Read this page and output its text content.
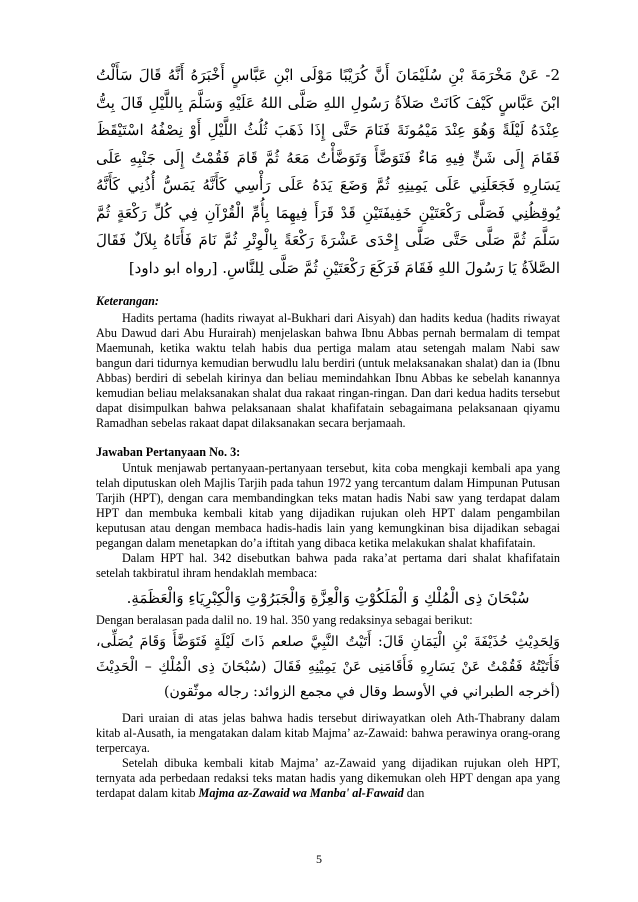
2- عَنْ مَخْرَمَةَ بْنِ سُلَيْمَانَ أَنَّ كُرَيْبًا مَوْلَى ابْنِ عَبَّاسٍ أَخْبَرَهُ أَنَّهُ قَالَ سَأَلْتُ ابْنَ عَبَّاسٍ كَيْفَ كَانَتْ صَلاَةُ رَسُولِ اللهِ صَلَّى اللهُ عَلَيْهِ وَسَلَّمَ بِاللَّيْلِ قَالَ بِتُّ عِنْدَهُ لَيْلَةً وَهُوَ عِنْدَ مَيْمُونَةَ فَنَامَ حَتَّى إِذَا ذَهَبَ ثُلُثُ اللَّيْلِ أَوْ نِصْفُهُ اسْتَيْقَظَ فَقَامَ إِلَى شَنٍّ فِيهِ مَاءٌ فَتَوَضَّأَ وَتَوَضَّأْتُ مَعَهُ ثُمَّ قَامَ فَقُمْتُ إِلَى جَنْبِهِ عَلَى يَسَارِهِ فَجَعَلَنِي عَلَى يَمِينِهِ ثُمَّ وَضَعَ يَدَهُ عَلَى رَأْسِي كَأَنَّهُ يَمَسُّ أُذُنِي كَأَنَّهُ يُوقِظُنِي فَصَلَّى رَكْعَتَيْنِ خَفِيفَتَيْنِ قَدْ قَرَأَ فِيهِمَا بِأُمِّ الْقُرْآنِ فِي كُلِّ رَكْعَةٍ ثُمَّ سَلَّمَ ثُمَّ صَلَّى حَتَّى صَلَّى إِحْدَى عَشْرَةَ رَكْعَةً بِالْوِتْرِ ثُمَّ نَامَ فَأَتَاهُ بِلاَلٌ فَقَالَ الصَّلاَةُ يَا رَسُولَ اللهِ فَقَامَ فَرَكَعَ رَكْعَتَيْنِ ثُمَّ صَلَّى لِلنَّاسِ. [رواه ابو داود]

Keterangan:

Hadits pertama (hadits riwayat al-Bukhari dari Aisyah) dan hadits kedua (hadits riwayat Abu Dawud dari Abu Hurairah) menjelaskan bahwa Ibnu Abbas pernah bermalam di tempat Maemunah, ketika waktu telah habis dua pertiga malam atau setengah malam Nabi saw bangun dari tidurnya kemudian berwudlu lalu berdiri (untuk melaksanakan shalat) dan ia (Ibnu Abbas) berdiri di sebelah kirinya dan beliau memindahkan Ibnu Abbas ke sebelah kanannya kemudian beliau melaksanakan shalat dua rakaat ringan-ringan. Dan dari kedua hadits tersebut dapat disimpulkan bahwa pelaksanaan shalat khafifatain sebagaimana pelaksanaan qiyamu Ramadhan sebelas rakaat dapat dilaksanakan secara berjamaah.

Jawaban Pertanyaan No. 3:

Untuk menjawab pertanyaan-pertanyaan tersebut, kita coba mengkaji kembali apa yang telah diputuskan oleh Majlis Tarjih pada tahun 1972 yang tercantum dalam Himpunan Putusan Tarjih (HPT), dengan cara membandingkan teks matan hadis Nabi saw yang terdapat dalam HPT dan membuka kembali kitab yang dijadikan rujukan oleh HPT dalam pengambilan keputusan atau dengan membaca hadis-hadis lain yang kemungkinan bisa dijadikan sebagai pegangan dalam menetapkan do’a iftitah yang dibaca ketika melakukan shalat khafifatain.

Dalam HPT hal. 342 disebutkan bahwa pada raka’at pertama dari shalat khafifatain setelah takbiratul ihram hendaklah membaca:

سُبْحَانَ ذِى الْمُلْكِ وَ الْمَلَكُوْتِ وَالْعِزَّةِ وَالْجَبَرُوْتِ وَالْكِبْرِيَاءِ وَالْعَظَمَةِ.

Dengan beralasan pada dalil no. 19 hal. 350 yang redaksinya sebagai berikut:

وَلِحَدِيْثِ حُذَيْفَةَ بْنِ الْيَمَانِ قَالَ: أَتَيْتُ النَّبِيَّ صلعم ذَاتَ لَيْلَةٍ فَتَوَضَّأَ وَقَامَ يُصَلِّى، فَأَتَيْتُهُ فَقُمْتُ عَنْ يَسَارِهِ فَأَقَامَنِى عَنْ يَمِيْنِهِ فَقَالَ (سُبْحَانَ ذِى الْمُلْكِ – الْحَدِيْثَ (أخرجه الطبراني في الأوسط وقال في مجمع الزوائد: رجاله موثّقون)

Dari uraian di atas jelas bahwa hadis tersebut diriwayatkan oleh Ath-Thabrany dalam kitab al-Ausath, ia mengatakan dalam kitab Majma’ az-Zawaid: bahwa perawinya orang-orang terpercaya.

Setelah dibuka kembali kitab Majma’ az-Zawaid yang dijadikan rujukan oleh HPT, ternyata ada perbedaan redaksi teks matan hadis yang dikemukan oleh HPT dengan apa yang terdapat dalam kitab Majma az-Zawaid wa Manba' al-Fawaid dan

5
